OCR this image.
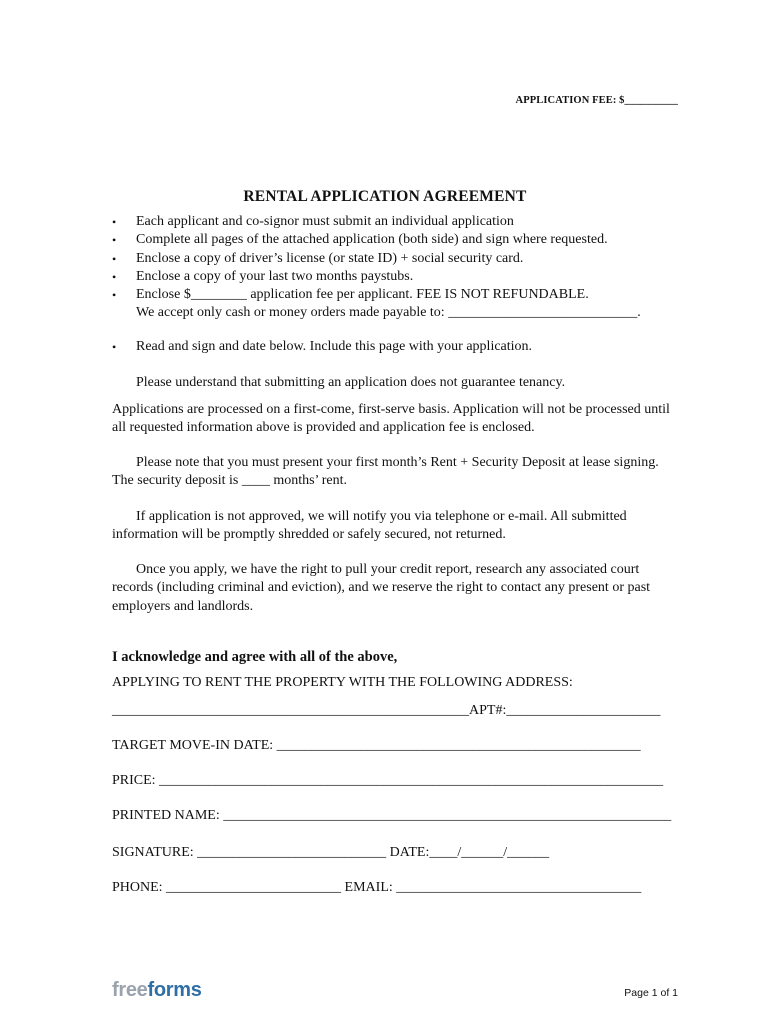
APPLICATION FEE: $__________
RENTAL APPLICATION AGREEMENT
• Each applicant and co-signor must submit an individual application
• Complete all pages of the attached application (both side) and sign where requested.
• Enclose a copy of driver’s license (or state ID) + social security card.
• Enclose a copy of your last two months paystubs.
• Enclose $________ application fee per applicant. FEE IS NOT REFUNDABLE.
We accept only cash or money orders made payable to: ___________________________.
•	Read and sign and date below. Include this page with your application.

Please understand that submitting an application does not guarantee tenancy.

Applications are processed on a first-come, first-serve basis. Application will not be processed until all requested information above is provided and application fee is enclosed.

Please note that you must present your first month’s Rent + Security Deposit at lease signing. The security deposit is ____ months’ rent.

If application is not approved, we will notify you via telephone or e-mail. All submitted information will be promptly shredded or safely secured, not returned.

Once you apply, we have the right to pull your credit report, research any associated court records (including criminal and eviction), and we reserve the right to contact any present or past employers and landlords.

I acknowledge and agree with all of the above,
APPLYING TO RENT THE PROPERTY WITH THE FOLLOWING ADDRESS:
___________________________________________________APT#:______________________
TARGET MOVE-IN DATE: ____________________________________________________
PRICE: ________________________________________________________________________
PRINTED NAME: ________________________________________________________________
SIGNATURE: ___________________________ DATE:____/______/______
PHONE: _________________________ EMAIL: ___________________________________
freeforms	Page 1 of 1
